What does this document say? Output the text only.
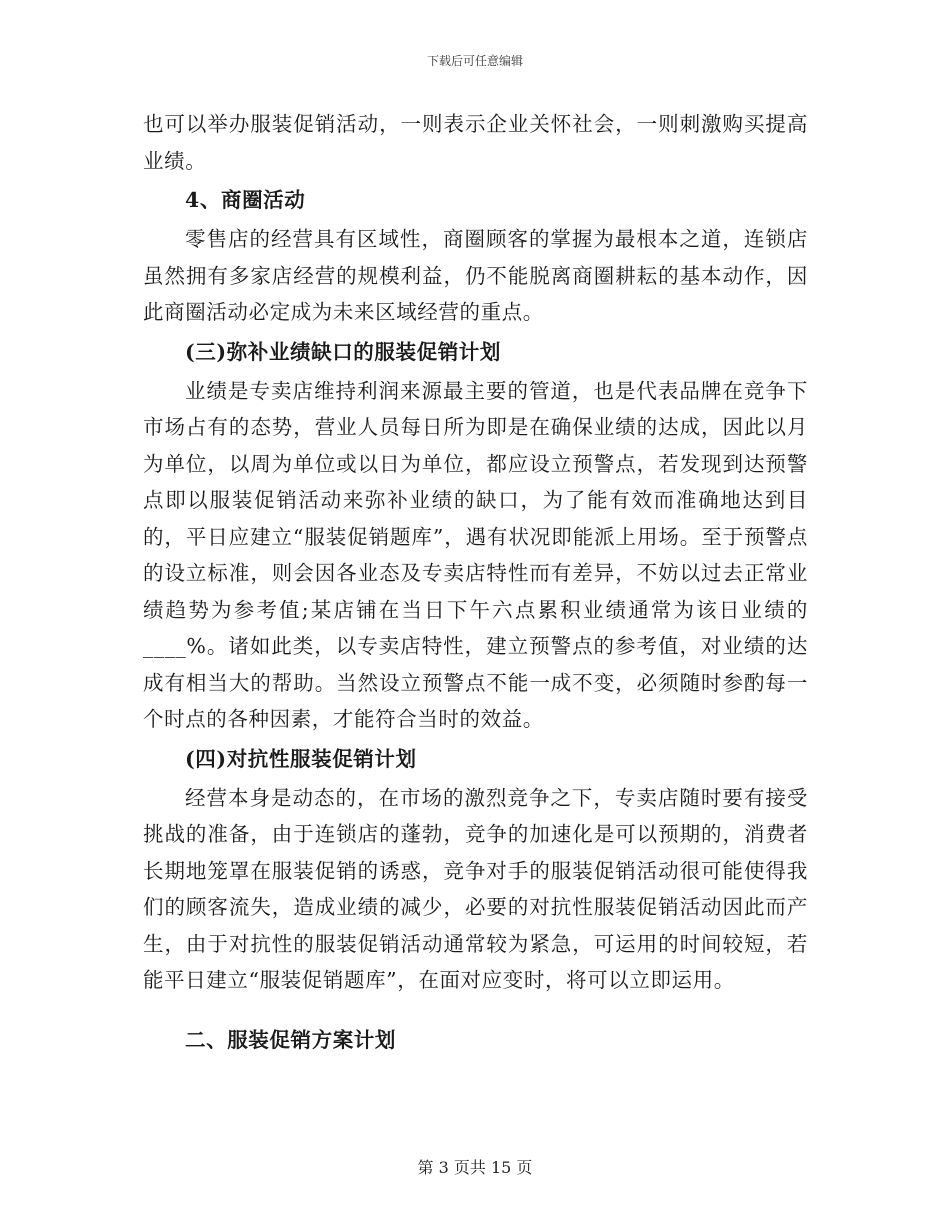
下载后可任意编辑

也可以举办服装促销活动，一则表示企业关怀社会，一则刺激购买提高业绩。

4、商圈活动

零售店的经营具有区域性，商圈顾客的掌握为最根本之道，连锁店虽然拥有多家店经营的规模利益，仍不能脱离商圈耕耘的基本动作，因此商圈活动必定成为未来区域经营的重点。

(三)弥补业绩缺口的服装促销计划

业绩是专卖店维持利润来源最主要的管道，也是代表品牌在竞争下市场占有的态势，营业人员每日所为即是在确保业绩的达成，因此以月为单位，以周为单位或以日为单位，都应设立预警点，若发现到达预警点即以服装促销活动来弥补业绩的缺口，为了能有效而准确地达到目的，平日应建立“服装促销题库”，遇有状况即能派上用场。至于预警点的设立标准，则会因各业态及专卖店特性而有差异，不妨以过去正常业绩趋势为参考值;某店铺在当日下午六点累积业绩通常为该日业绩的____%。诸如此类，以专卖店特性，建立预警点的参考值，对业绩的达成有相当大的帮助。当然设立预警点不能一成不变，必须随时参酌每一个时点的各种因素，才能符合当时的效益。

(四)对抗性服装促销计划

经营本身是动态的，在市场的激烈竞争之下，专卖店随时要有接受挑战的准备，由于连锁店的蓬勃，竞争的加速化是可以预期的，消费者长期地笼罩在服装促销的诱惑，竞争对手的服装促销活动很可能使得我们的顾客流失，造成业绩的减少，必要的对抗性服装促销活动因此而产生，由于对抗性的服装促销活动通常较为紧急，可运用的时间较短，若能平日建立“服装促销题库”，在面对应变时，将可以立即运用。

二、服装促销方案计划

第 3 页共 15 页
